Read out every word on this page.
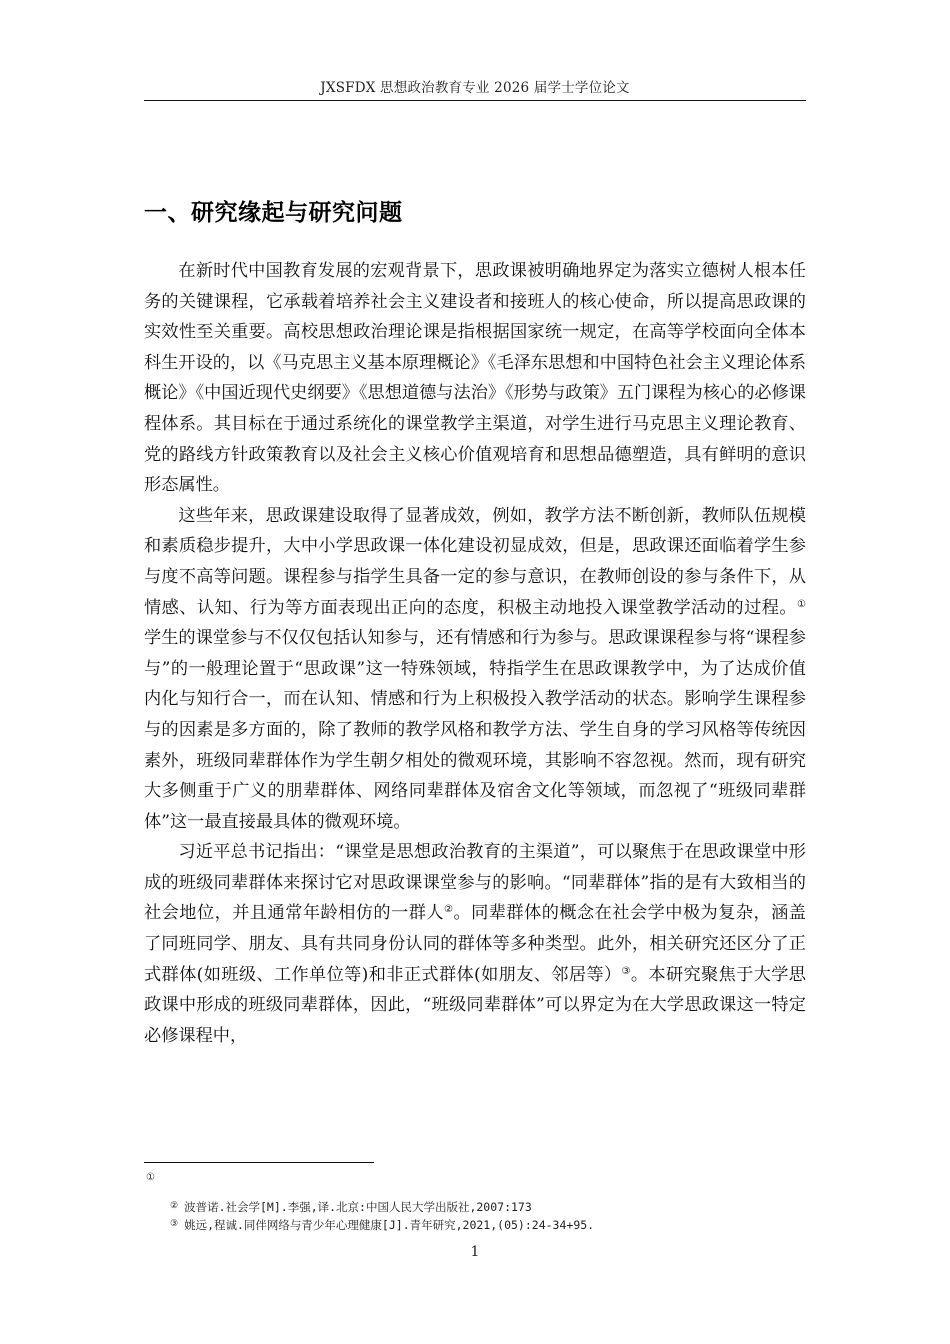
JXSFDX 思想政治教育专业 2026 届学士学位论文
一、研究缘起与研究问题

在新时代中国教育发展的宏观背景下，思政课被明确地界定为落实立德树人根本任务的关键课程，它承载着培养社会主义建设者和接班人的核心使命，所以提高思政课的实效性至关重要。高校思想政治理论课是指根据国家统一规定，在高等学校面向全体本科生开设的，以《马克思主义基本原理概论》《毛泽东思想和中国特色社会主义理论体系概论》《中国近现代史纲要》《思想道德与法治》《形势与政策》五门课程为核心的必修课程体系。其目标在于通过系统化的课堂教学主渠道，对学生进行马克思主义理论教育、党的路线方针政策教育以及社会主义核心价值观培育和思想品德塑造，具有鲜明的意识形态属性。

这些年来，思政课建设取得了显著成效，例如，教学方法不断创新，教师队伍规模和素质稳步提升，大中小学思政课一体化建设初显成效，但是，思政课还面临着学生参与度不高等问题。课程参与指学生具备一定的参与意识，在教师创设的参与条件下，从情感、认知、行为等方面表现出正向的态度，积极主动地投入课堂教学活动的过程。①学生的课堂参与不仅仅包括认知参与，还有情感和行为参与。思政课课程参与将“课程参与”的一般理论置于“思政课”这一特殊领域，特指学生在思政课教学中，为了达成价值内化与知行合一，而在认知、情感和行为上积极投入教学活动的状态。影响学生课程参与的因素是多方面的，除了教师的教学风格和教学方法、学生自身的学习风格等传统因素外，班级同辈群体作为学生朝夕相处的微观环境，其影响不容忽视。然而，现有研究大多侧重于广义的朋辈群体、网络同辈群体及宿舍文化等领域，而忽视了“班级同辈群体”这一最直接最具体的微观环境。

习近平总书记指出：“课堂是思想政治教育的主渠道”，可以聚焦于在思政课堂中形成的班级同辈群体来探讨它对思政课课堂参与的影响。“同辈群体”指的是有大致相当的社会地位，并且通常年龄相仿的一群人②。同辈群体的概念在社会学中极为复杂，涵盖了同班同学、朋友、具有共同身份认同的群体等多种类型。此外，相关研究还区分了正式群体(如班级、工作单位等)和非正式群体(如朋友、邻居等）③。本研究聚焦于大学思政课中形成的班级同辈群体，因此，“班级同辈群体”可以界定为在大学思政课这一特定必修课程中，

①

② 波普诺.社会学[M].李强,译.北京:中国人民大学出版社,2007:173

③ 姚远,程诚.同伴网络与青少年心理健康[J].青年研究,2021,(05):24-34+95.

1
